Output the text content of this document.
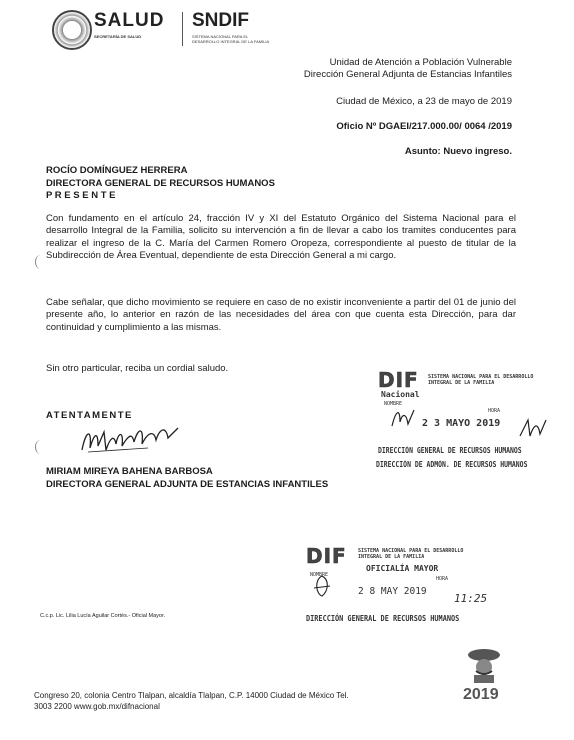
SALUD
SECRETARÍA DE SALUD
SNDIF
SISTEMA NACIONAL PARA EL DESARROLLO INTEGRAL DE LA FAMILIA
Unidad de Atención a Población Vulnerable
Dirección General Adjunta de Estancias Infantiles
Ciudad de México, a 23 de mayo de 2019
Oficio Nº DGAEI/217.000.00/ 0064 /2019
Asunto: Nuevo ingreso.
ROCÍO DOMÍNGUEZ HERRERA
DIRECTORA GENERAL DE RECURSOS HUMANOS
P R E S E N T E

Con fundamento en el artículo 24, fracción IV y XI del Estatuto Orgánico del Sistema Nacional para el desarrollo Integral de la Familia, solicito su intervención a fin de llevar a cabo los tramites conducentes para realizar el ingreso de la C. María del Carmen Romero Oropeza, correspondiente al puesto de titular de la Subdirección de Área Eventual, dependiente de esta Dirección General a mi cargo.

Cabe señalar, que dicho movimiento se requiere en caso de no existir inconveniente a partir del 01 de junio del presente año, lo anterior en razón de las necesidades del área con que cuenta esta Dirección, para dar continuidad y cumplimiento a las mismas.

Sin otro particular, reciba un cordial saludo.

ATENTAMENTE
MIRIAM MIREYA BAHENA BARBOSA
DIRECTORA GENERAL ADJUNTA DE ESTANCIAS INFANTILES
DIF SISTEMA NACIONAL PARA EL DESARROLLO INTEGRAL DE LA FAMILIA
Nacional
NOMBRE
HORA
2 3 MAYO 2019
DIRECCIÓN GENERAL DE RECURSOS HUMANOS
DIRECCIÓN DE ADMÓN. DE RECURSOS HUMANOS
DIF SISTEMA NACIONAL PARA EL DESARROLLO INTEGRAL DE LA FAMILIA
OFICIALÍA MAYOR
NOMBRE
HORA
2 8 MAY 2019
11:25
DIRECCIÓN GENERAL DE RECURSOS HUMANOS
C.c.p. Lic. Lilia Lucía Aguilar Cortés.- Oficial Mayor.
Congreso 20, colonia Centro Tlalpan, alcaldía Tlalpan, C.P. 14000 Ciudad de México Tel. 3003 2200 www.gob.mx/difnacional
2019
